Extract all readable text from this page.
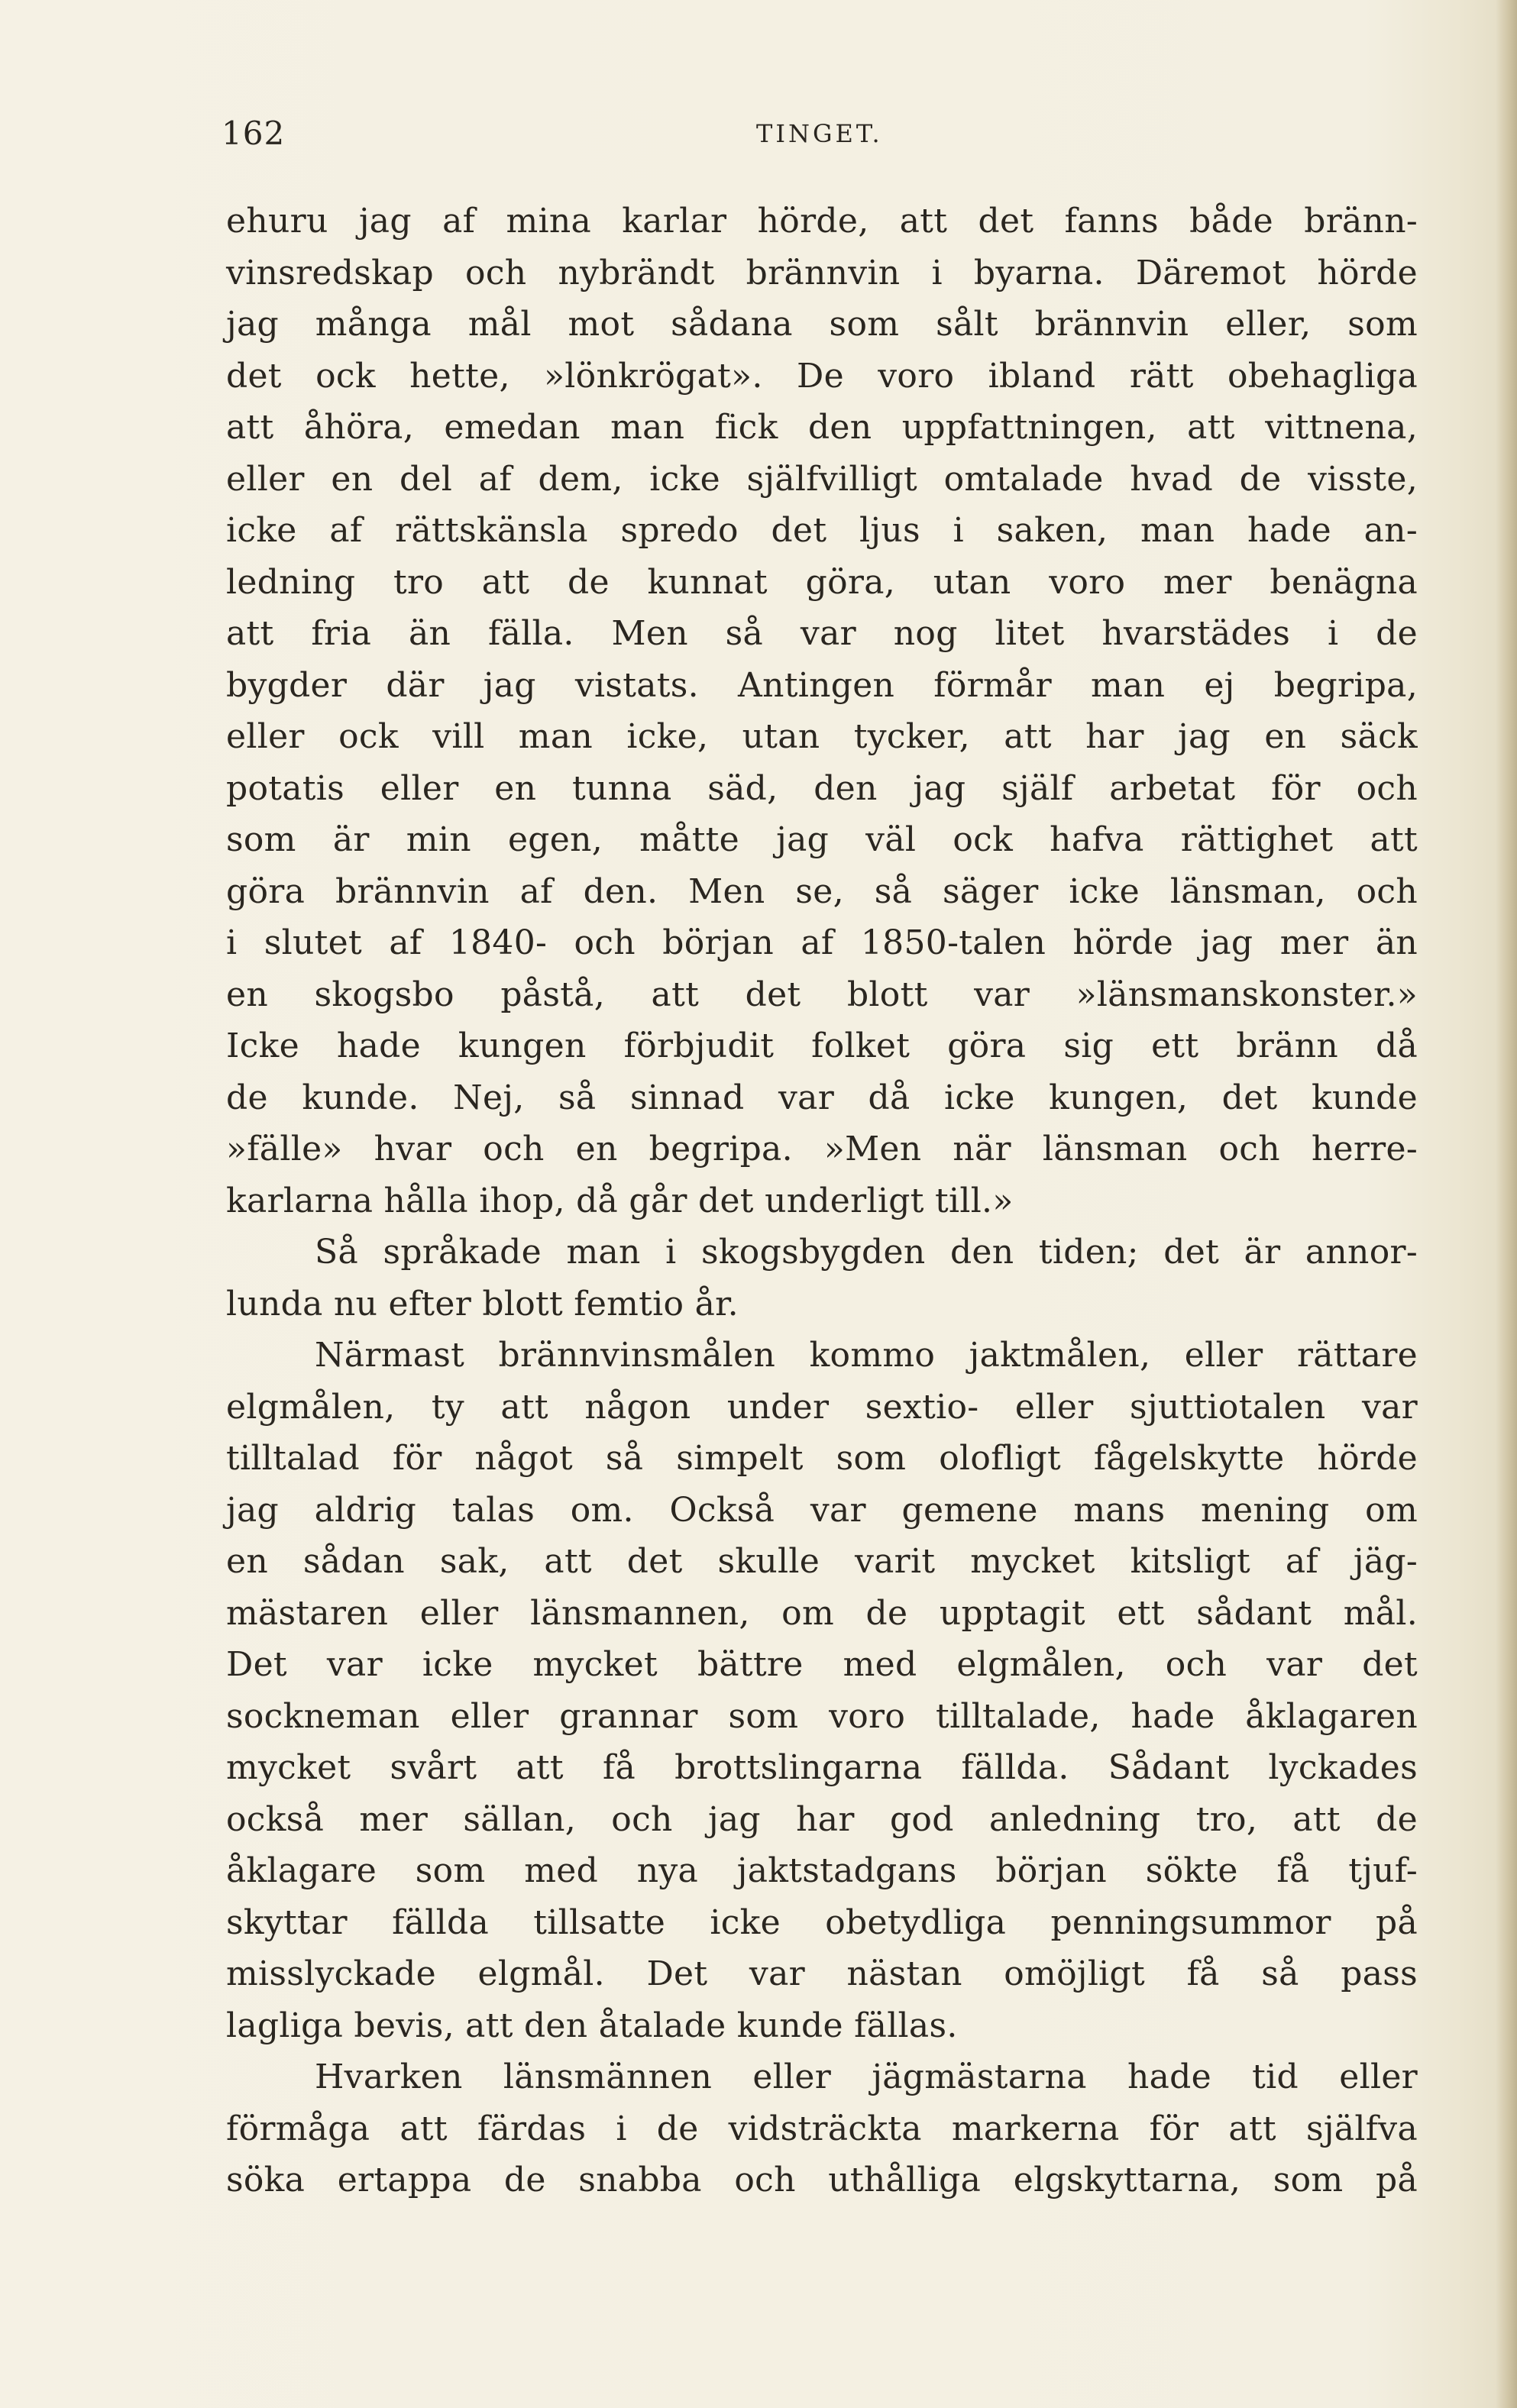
162	TINGET.
ehuru jag af mina karlar hörde, att det fanns både bränn-
vinsredskap och nybrändt brännvin i byarna. Däremot hörde
jag många mål mot sådana som sålt brännvin eller, som
det ock hette, »lönkrögat». De voro ibland rätt obehagliga
att åhöra, emedan man fick den uppfattningen, att vittnena,
eller en del af dem, icke själfvilligt omtalade hvad de visste,
icke af rättskänsla spredo det ljus i saken, man hade an-
ledning tro att de kunnat göra, utan voro mer benägna
att fria än fälla. Men så var nog litet hvarstädes i de
bygder där jag vistats. Antingen förmår man ej begripa,
eller ock vill man icke, utan tycker, att har jag en säck
potatis eller en tunna säd, den jag själf arbetat för och
som är min egen, måtte jag väl ock hafva rättighet att
göra brännvin af den. Men se, så säger icke länsman, och
i slutet af 1840- och början af 1850-talen hörde jag mer än
en skogsbo påstå, att det blott var »länsmanskonster.»
Icke hade kungen förbjudit folket göra sig ett bränn då
de kunde. Nej, så sinnad var då icke kungen, det kunde
»fälle» hvar och en begripa. »Men när länsman och herre-
karlarna hålla ihop, då går det underligt till.»
Så språkade man i skogsbygden den tiden; det är annor-
lunda nu efter blott femtio år.
Närmast brännvinsmålen kommo jaktmålen, eller rättare
elgmålen, ty att någon under sextio- eller sjuttiotalen var
tilltalad för något så simpelt som olofligt fågelskytte hörde
jag aldrig talas om. Också var gemene mans mening om
en sådan sak, att det skulle varit mycket kitsligt af jäg-
mästaren eller länsmannen, om de upptagit ett sådant mål.
Det var icke mycket bättre med elgmålen, och var det
sockneman eller grannar som voro tilltalade, hade åklagaren
mycket svårt att få brottslingarna fällda. Sådant lyckades
också mer sällan, och jag har god anledning tro, att de
åklagare som med nya jaktstadgans början sökte få tjuf-
skyttar fällda tillsatte icke obetydliga penningsummor på
misslyckade elgmål. Det var nästan omöjligt få så pass
lagliga bevis, att den åtalade kunde fällas.
Hvarken länsmännen eller jägmästarna hade tid eller
förmåga att färdas i de vidsträckta markerna för att själfva
söka ertappa de snabba och uthålliga elgskyttarna, som på
